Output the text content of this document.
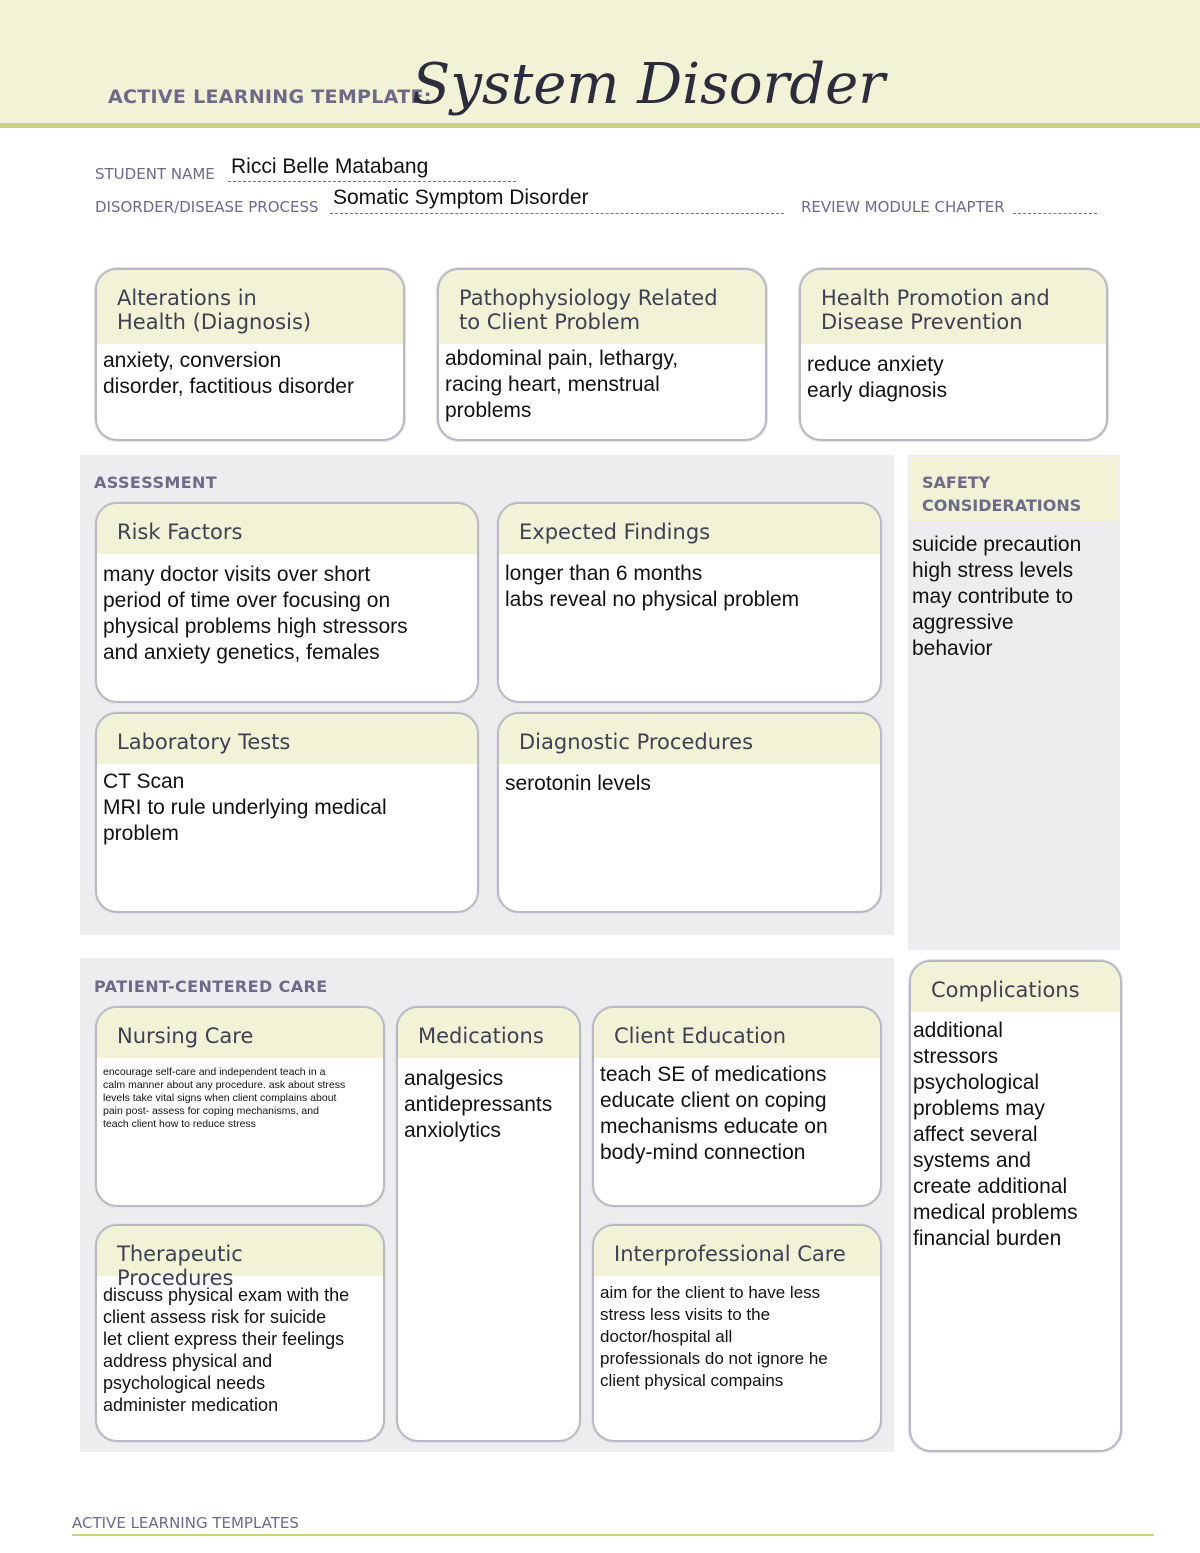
ACTIVE LEARNING TEMPLATE:
System Disorder
STUDENT NAME Ricci Belle Matabang
DISORDER/DISEASE PROCESS Somatic Symptom Disorder	REVIEW MODULE CHAPTER
Alterations in
Health (Diagnosis)
anxiety, conversion
disorder, factitious disorder
Pathophysiology Related
to Client Problem
abdominal pain, lethargy,
racing heart, menstrual
problems
Health Promotion and
Disease Prevention
reduce anxiety
early diagnosis
ASSESSMENT
Risk Factors
many doctor visits over short
period of time over focusing on
physical problems high stressors
and anxiety genetics, females
Expected Findings
longer than 6 months
labs reveal no physical problem
Laboratory Tests
CT Scan
MRI to rule underlying medical
problem
Diagnostic Procedures
serotonin levels
SAFETY
CONSIDERATIONS
suicide precaution
high stress levels
may contribute to
aggressive
behavior
PATIENT-CENTERED CARE
Nursing Care
encourage self-care and independent teach in a
calm manner about any procedure. ask about stress
levels take vital signs when client complains about
pain post- assess for coping mechanisms, and
teach client how to reduce stress
Medications
analgesics
antidepressants
anxiolytics
Client Education
teach SE of medications
educate client on coping
mechanisms educate on
body-mind connection
Therapeutic Procedures
discuss physical exam with the
client assess risk for suicide
let client express their feelings
address physical and
psychological needs
administer medication
Interprofessional Care
aim for the client to have less
stress less visits to the
doctor/hospital all
professionals do not ignore he
client physical compains
Complications
additional
stressors
psychological
problems may
affect several
systems and
create additional
medical problems
financial burden
ACTIVE LEARNING TEMPLATES
